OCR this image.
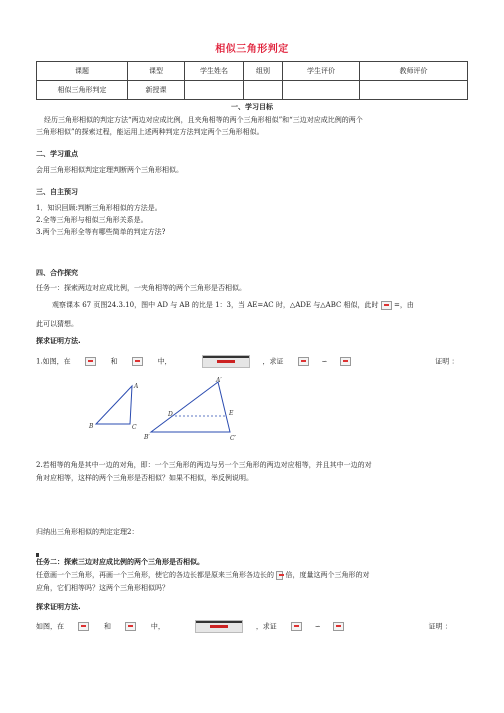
相似三角形判定
课题	课型	学生姓名	组别	学生评价	教师评价
相似三角形判定	新授课				
一、学习目标
经历三角形相似的判定方法“两边对应成比例，且夹角相等的两个三角形相似”和“三边对应成比例的两个
三角形相似”的探索过程，能运用上述两种判定方法判定两个三角形相似。
二、学习重点
会用三角形相似判定定理判断两个三角形相似。
三、自主预习
1．知识回顾:判断三角形相似的方法是。
2.全等三角形与相似三角形关系是。
3.两个三角形全等有哪些简单的判定方法?
四、合作探究
任务一：探索两边对应成比例，一夹角相等的两个三角形是否相似。
观察课本 67 页图24.3.10，图中 AD 与 AB 的比是 1：3，当 AE=AC 时，△ADE 与△ABC 相似，此时 =，由
此可以猜想。
探求证明方法.
1.如图，在	和	中，	，求证	∽	证明 ：
A
B	C
A′
B′	C′
D	E
2.若相等的角是其中一边的对角，即：一个三角形的两边与另一个三角形的两边对应相等，并且其中一边的对
角对应相等，这样的两个三角形是否相似？如果不相似，举反例说明。
归纳出三角形相似的判定定理2：
任务二：探索三边对应成比例的两个三角形是否相似。
任意画一个三角形，再画一个三角形，使它的各边长都是原来三角形各边长的 倍，度量这两个三角形的对
应角，它们相等吗？这两个三角形相似吗？
探求证明方法.
如图，在	和	中，	，求证	∽	证明 ：
